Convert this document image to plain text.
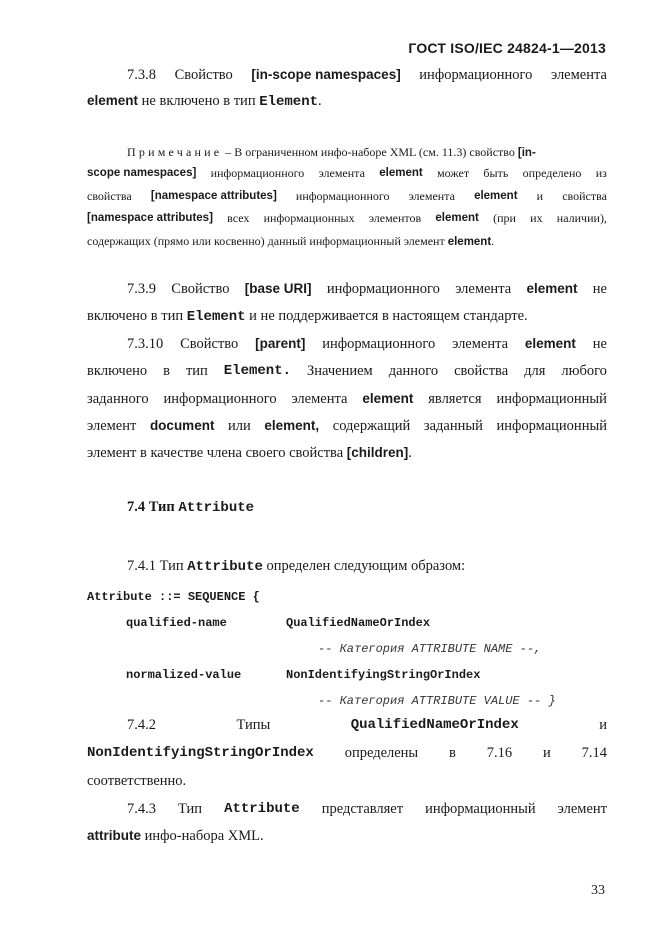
ГОСТ ISO/IEC 24824-1—2013
7.3.8 Свойство [in-scope namespaces] информационного элемента
element не включено в тип Element.
Примечание – В ограниченном инфо-наборе XML (см. 11.3) свойство [in-
scope namespaces] информационного элемента element может быть определено из
свойства [namespace attributes] информационного элемента element и свойства
[namespace attributes] всех информационных элементов element (при их наличии),
содержащих (прямо или косвенно) данный информационный элемент element.
7.3.9 Свойство [base URI] информационного элемента element не
включено в тип Element и не поддерживается в настоящем стандарте.
7.3.10 Свойство [parent] информационного элемента element не
включено в тип Element. Значением данного свойства для любого
заданного информационного элемента element является информационный
элемент document или element, содержащий заданный информационный
элемент в качестве члена своего свойства [children].
7.4 Тип Attribute
7.4.1 Тип Attribute определен следующим образом:
Attribute ::= SEQUENCE {
qualified-name	QualifiedNameOrIndex
-- Категория ATTRIBUTE NAME --,
normalized-value	NonIdentifyingStringOrIndex
-- Категория ATTRIBUTE VALUE -- }
7.4.2	Типы	QualifiedNameOrIndex	и
NonIdentifyingStringOrIndex определены в 7.16 и 7.14
соответственно.
7.4.3 Тип Attribute представляет информационный элемент
attribute инфо-набора XML.
33
